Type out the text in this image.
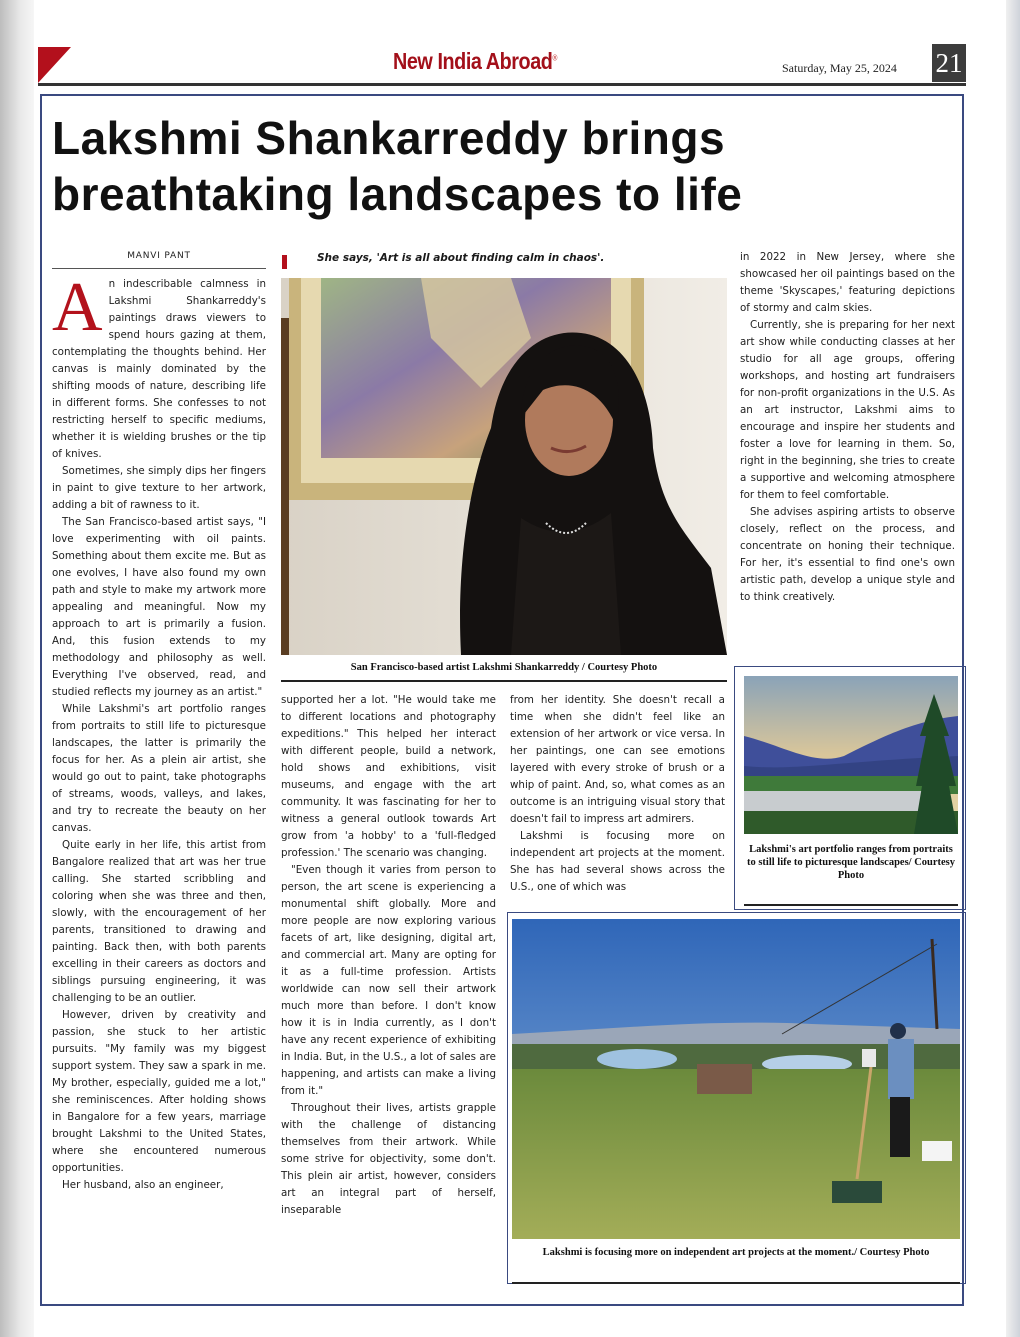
New India Abroad®
Saturday, May 25, 2024 21
Lakshmi Shankarreddy brings
breathtaking landscapes to life
MANVI PANT	She says, 'Art is all about finding calm in chaos'.

An indescribable calmness in Lakshmi Shankarreddy's paintings draws viewers to spend hours gazing at them, contemplating the thoughts behind. Her canvas is mainly dominated by the shifting moods of nature, describing life in different forms. She confesses to not restricting herself to specific mediums, whether it is wielding brushes or the tip of knives.

Sometimes, she simply dips her fingers in paint to give texture to her artwork, adding a bit of rawness to it.

The San Francisco-based artist says, "I love experimenting with oil paints. Something about them excite me. But as one evolves, I have also found my own path and style to make my artwork more appealing and meaningful. Now my approach to art is primarily a fusion. And, this fusion extends to my methodology and philosophy as well. Everything I've observed, read, and studied reflects my journey as an artist."

While Lakshmi's art portfolio ranges from portraits to still life to picturesque landscapes, the latter is primarily the focus for her. As a plein air artist, she would go out to paint, take photographs of streams, woods, valleys, and lakes, and try to recreate the beauty on her canvas.

Quite early in her life, this artist from Bangalore realized that art was her true calling. She started scribbling and coloring when she was three and then, slowly, with the encouragement of her parents, transitioned to drawing and painting. Back then, with both parents excelling in their careers as doctors and siblings pursuing engineering, it was challenging to be an outlier.

However, driven by creativity and passion, she stuck to her artistic pursuits. "My family was my biggest support system. They saw a spark in me. My brother, especially, guided me a lot," she reminiscences. After holding shows in Bangalore for a few years, marriage brought Lakshmi to the United States, where she encountered numerous opportunities.

Her husband, also an engineer,

San Francisco-based artist Lakshmi Shankarreddy / Courtesy Photo

supported her a lot. "He would take me to different locations and photography expeditions." This helped her interact with different people, build a network, hold shows and exhibitions, visit museums, and engage with the art community. It was fascinating for her to witness a general outlook towards Art grow from 'a hobby' to a 'full-fledged profession.' The scenario was changing.

"Even though it varies from person to person, the art scene is experiencing a monumental shift globally. More and more people are now exploring various facets of art, like designing, digital art, and commercial art. Many are opting for it as a full-time profession. Artists worldwide can now sell their artwork much more than before. I don't know how it is in India currently, as I don't have any recent experience of exhibiting in India. But, in the U.S., a lot of sales are happening, and artists can make a living from it."

Throughout their lives, artists grapple with the challenge of distancing themselves from their artwork. While some strive for objectivity, some don't. This plein air artist, however, considers art an integral part of herself, inseparable

from her identity. She doesn't recall a time when she didn't feel like an extension of her artwork or vice versa. In her paintings, one can see emotions layered with every stroke of brush or a whip of paint. And, so, what comes as an outcome is an intriguing visual story that doesn't fail to impress art admirers.

Lakshmi is focusing more on independent art projects at the moment. She has had several shows across the U.S., one of which was

in 2022 in New Jersey, where she showcased her oil paintings based on the theme 'Skyscapes,' featuring depictions of stormy and calm skies.

Currently, she is preparing for her next art show while conducting classes at her studio for all age groups, offering workshops, and hosting art fundraisers for non-profit organizations in the U.S. As an art instructor, Lakshmi aims to encourage and inspire her students and foster a love for learning in them. So, right in the beginning, she tries to create a supportive and welcoming atmosphere for them to feel comfortable.

She advises aspiring artists to observe closely, reflect on the process, and concentrate on honing their technique. For her, it's essential to find one's own artistic path, develop a unique style and to think creatively.

Lakshmi's art portfolio ranges from portraits to still life to picturesque landscapes/ Courtesy Photo
Lakshmi is focusing more on independent art projects at the moment./ Courtesy Photo
